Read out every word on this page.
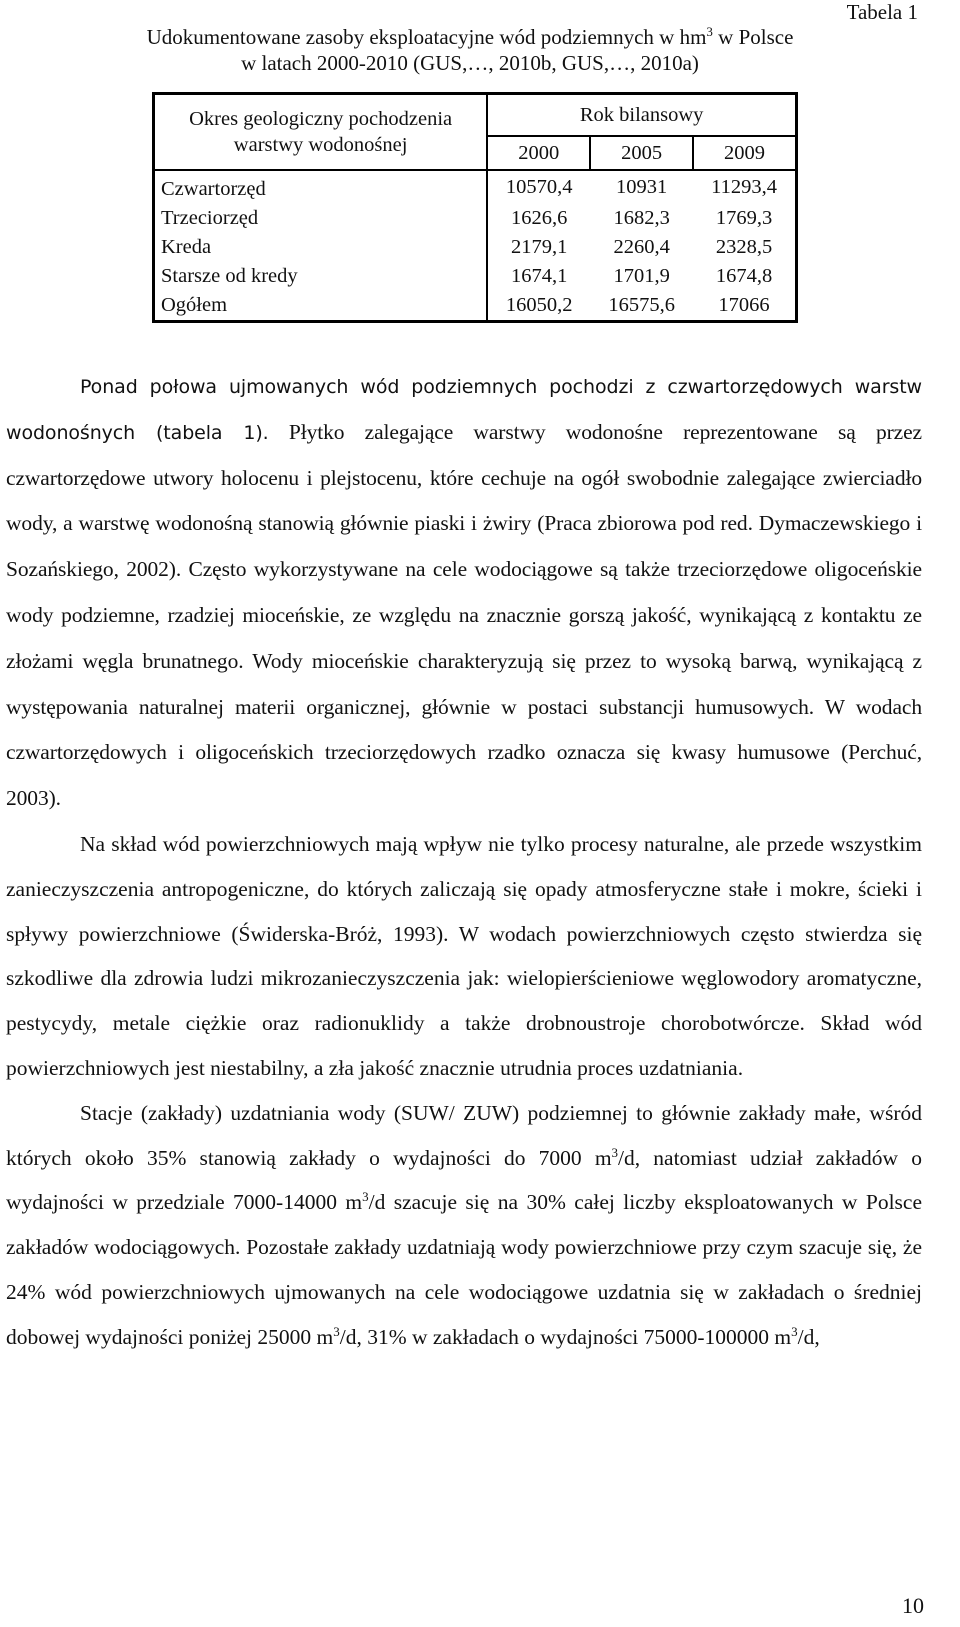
Tabela 1
Udokumentowane zasoby eksploatacyjne wód podziemnych w $hm^3$ w Polsce
w latach 2000-2010 (GUS,…, 2010b, GUS,…, 2010a)
Okres geologiczny pochodzenia warstwy wodonośnej	Rok bilansowy		
	2000	2005	2009
Czwartorzęd	10570,4	10931	11293,4
Trzeciorzęd	1626,6	1682,3	1769,3
Kreda	2179,1	2260,4	2328,5
Starsze od kredy	1674,1	1701,9	1674,8
Ogółem	16050,2	16575,6	17066

Ponad połowa ujmowanych wód podziemnych pochodzi z czwartorzędowych warstw wodonośnych (tabela 1). Płytko zalegające warstwy wodonośne reprezentowane są przez czwartorzędowe utwory holocenu i plejstocenu, które cechuje na ogół swobodnie zalegające zwierciadło wody, a warstwę wodonośną stanowią głównie piaski i żwiry (Praca zbiorowa pod red. Dymaczewskiego i Sozańskiego, 2002). Często wykorzystywane na cele wodociągowe są także trzeciorzędowe oligoceńskie wody podziemne, rzadziej mioceńskie, ze względu na znacznie gorszą jakość, wynikającą z kontaktu ze złożami węgla brunatnego. Wody mioceńskie charakteryzują się przez to wysoką barwą, wynikającą z występowania naturalnej materii organicznej, głównie w postaci substancji humusowych. W wodach czwartorzędowych i oligoceńskich trzeciorzędowych rzadko oznacza się kwasy humusowe (Perchuć, 2003).

Na skład wód powierzchniowych mają wpływ nie tylko procesy naturalne, ale przede wszystkim zanieczyszczenia antropogeniczne, do których zaliczają się opady atmosferyczne stałe i mokre, ścieki i spływy powierzchniowe (Świderska-Bróż, 1993). W wodach powierzchniowych często stwierdza się szkodliwe dla zdrowia ludzi mikrozanieczyszczenia jak: wielopierścieniowe węglowodory aromatyczne, pestycydy, metale ciężkie oraz radionuklidy a także drobnoustroje chorobotwórcze. Skład wód powierzchniowych jest niestabilny, a zła jakość znacznie utrudnia proces uzdatniania.

Stacje (zakłady) uzdatniania wody (SUW/ ZUW) podziemnej to głównie zakłady małe, wśród których około 35% stanowią zakłady o wydajności do 7000 $m^3/d$, natomiast udział zakładów o wydajności w przedziale 7000-14000 $m^3/d$ szacuje się na 30% całej liczby eksploatowanych w Polsce zakładów wodociągowych. Pozostałe zakłady uzdatniają wody powierzchniowe przy czym szacuje się, że 24% wód powierzchniowych ujmowanych na cele wodociągowe uzdatnia się w zakładach o średniej dobowej wydajności poniżej 25000 $m^3/d$, 31% w zakładach o wydajności 75000-100000 $m^3/d$,

10
